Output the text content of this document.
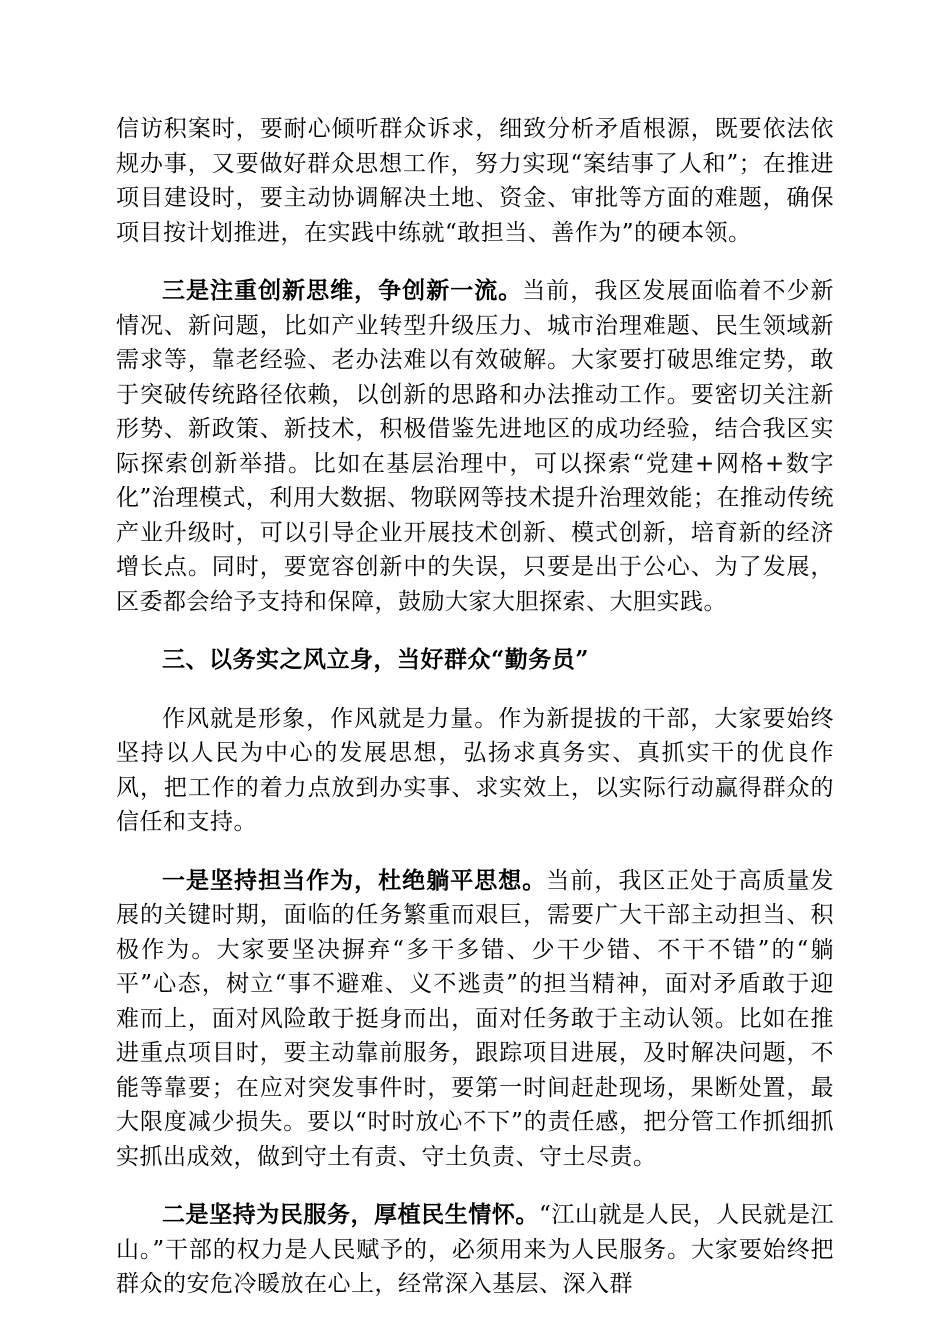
信访积案时，要耐心倾听群众诉求，细致分析矛盾根源，既要依法依规办事，又要做好群众思想工作，努力实现“案结事了人和”；在推进项目建设时，要主动协调解决土地、资金、审批等方面的难题，确保项目按计划推进，在实践中练就“敢担当、善作为”的硬本领。

三是注重创新思维，争创新一流。当前，我区发展面临着不少新情况、新问题，比如产业转型升级压力、城市治理难题、民生领域新需求等，靠老经验、老办法难以有效破解。大家要打破思维定势，敢于突破传统路径依赖，以创新的思路和办法推动工作。要密切关注新形势、新政策、新技术，积极借鉴先进地区的成功经验，结合我区实际探索创新举措。比如在基层治理中，可以探索“党建+网格+数字化”治理模式，利用大数据、物联网等技术提升治理效能；在推动传统产业升级时，可以引导企业开展技术创新、模式创新，培育新的经济增长点。同时，要宽容创新中的失误，只要是出于公心、为了发展，区委都会给予支持和保障，鼓励大家大胆探索、大胆实践。

三、以务实之风立身，当好群众“勤务员”

作风就是形象，作风就是力量。作为新提拔的干部，大家要始终坚持以人民为中心的发展思想，弘扬求真务实、真抓实干的优良作风，把工作的着力点放到办实事、求实效上，以实际行动赢得群众的信任和支持。

一是坚持担当作为，杜绝躺平思想。当前，我区正处于高质量发展的关键时期，面临的任务繁重而艰巨，需要广大干部主动担当、积极作为。大家要坚决摒弃“多干多错、少干少错、不干不错”的“躺平”心态，树立“事不避难、义不逃责”的担当精神，面对矛盾敢于迎难而上，面对风险敢于挺身而出，面对任务敢于主动认领。比如在推进重点项目时，要主动靠前服务，跟踪项目进展，及时解决问题，不能等靠要；在应对突发事件时，要第一时间赶赴现场，果断处置，最大限度减少损失。要以“时时放心不下”的责任感，把分管工作抓细抓实抓出成效，做到守土有责、守土负责、守土尽责。

二是坚持为民服务，厚植民生情怀。“江山就是人民，人民就是江山。”干部的权力是人民赋予的，必须用来为人民服务。大家要始终把群众的安危冷暖放在心上，经常深入基层、深入群
